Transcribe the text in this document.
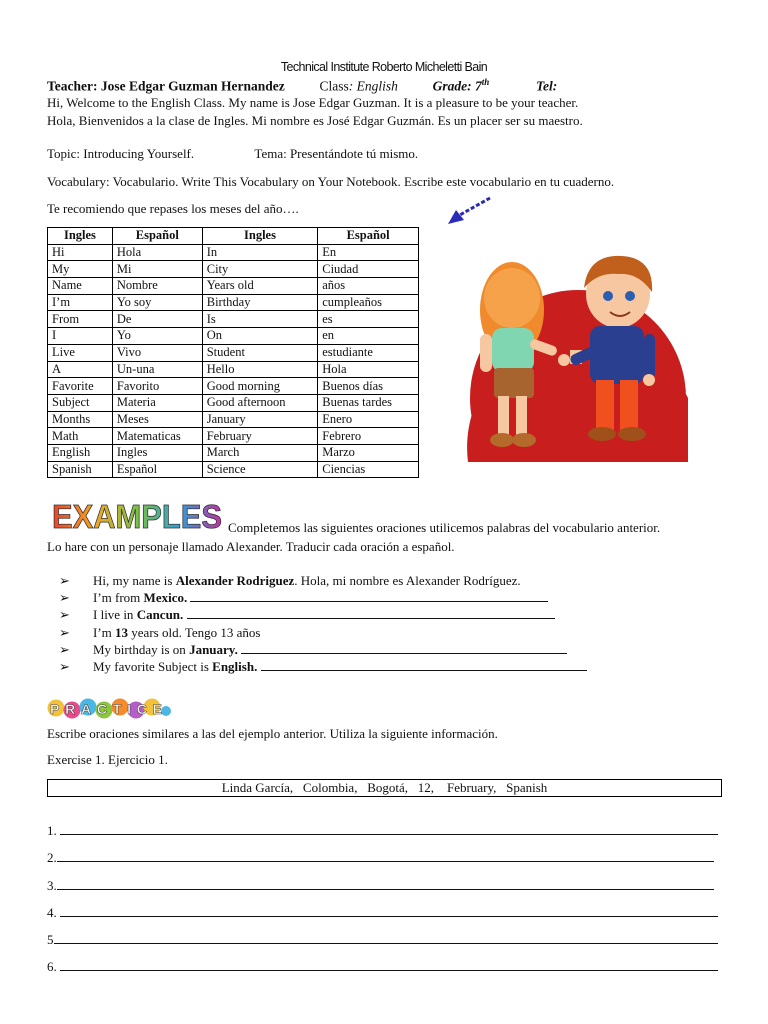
Technical Institute Roberto Micheletti Bain
Teacher: Jose Edgar Guzman Hernandez	Class: English	Grade: 7th	Tel:
Hi, Welcome to the English Class. My name is Jose Edgar Guzman. It is a pleasure to be your teacher.
Hola, Bienvenidos a la clase de Ingles. Mi nombre es José Edgar Guzmán. Es un placer ser su maestro.
Topic: Introducing Yourself.	Tema: Presentándote tú mismo.
Vocabulary: Vocabulario. Write This Vocabulary on Your Notebook. Escribe este vocabulario en tu cuaderno.
Te recomiendo que repases los meses del año….
Ingles	Español	Ingles	Español
Hi	Hola	In	En
My	Mi	City	Ciudad
Name	Nombre	Years old	años
I’m	Yo soy	Birthday	cumpleaños
From	De	Is	es
I	Yo	On	en
Live	Vivo	Student	estudiante
A	Un-una	Hello	Hola
Favorite	Favorito	Good morning	Buenos días
Subject	Materia	Good afternoon	Buenas tardes
Months	Meses	January	Enero
Math	Matematicas	February	Febrero
English	Ingles	March	Marzo
Spanish	Español	Science	Ciencias
EXAMPLES Completemos las siguientes oraciones utilicemos palabras del vocabulario anterior.
Lo hare con un personaje llamado Alexander. Traducir cada oración a español.
➢ Hi, my name is Alexander Rodriguez. Hola, mi nombre es Alexander Rodríguez.
➢ I’m from Mexico.
➢ I live in Cancun.
➢ I’m 13 years old. Tengo 13 años
➢ My birthday is on January.
➢ My favorite Subject is English.
PRACTICE
Escribe oraciones similares a las del ejemplo anterior. Utiliza la siguiente información.
Exercise 1. Ejercicio 1.
Linda García,   Colombia,   Bogotá,   12,    February,   Spanish
1.
2.
3.
4.
5
6.
